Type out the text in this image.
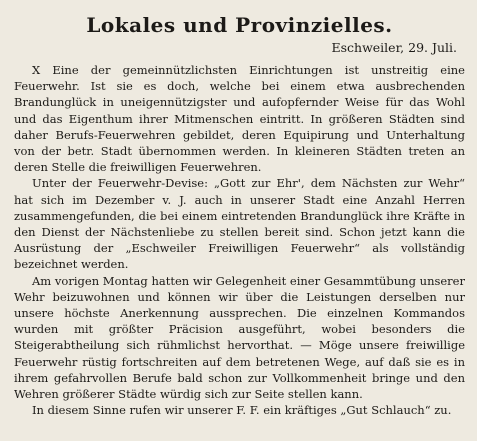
Lokales und Provinzielles.
Eschweiler, 29. Juli.

X Eine der gemeinnützlichsten Einrichtungen ist unstreitig eine Feuerwehr. Ist sie es doch, welche bei einem etwa ausbrechenden Brandunglück in uneigennützigster und aufopfernder Weise für das Wohl und das Eigenthum ihrer Mitmenschen eintritt. In größeren Städten sind daher Berufs-Feuerwehren gebildet, deren Equipirung und Unterhaltung von der betr. Stadt übernommen werden. In kleineren Städten treten an deren Stelle die freiwilligen Feuerwehren.

Unter der Feuerwehr-Devise: „Gott zur Ehr', dem Nächsten zur Wehr“ hat sich im Dezember v. J. auch in unserer Stadt eine Anzahl Herren zusammengefunden, die bei einem eintretenden Brandunglück ihre Kräfte in den Dienst der Nächstenliebe zu stellen bereit sind. Schon jetzt kann die Ausrüstung der „Eschweiler Freiwilligen Feuerwehr“ als vollständig bezeichnet werden.

Am vorigen Montag hatten wir Gelegenheit einer Gesammtübung unserer Wehr beizuwohnen und können wir über die Leistungen derselben nur unsere höchste Anerkennung aussprechen. Die einzelnen Kommandos wurden mit größter Präcision ausgeführt, wobei besonders die Steigerabtheilung sich rühmlichst hervorthat. — Möge unsere freiwillige Feuerwehr rüstig fortschreiten auf dem betretenen Wege, auf daß sie es in ihrem gefahrvollen Berufe bald schon zur Vollkommenheit bringe und den Wehren größerer Städte würdig sich zur Seite stellen kann.

In diesem Sinne rufen wir unserer F. F. ein kräftiges „Gut Schlauch“ zu.
